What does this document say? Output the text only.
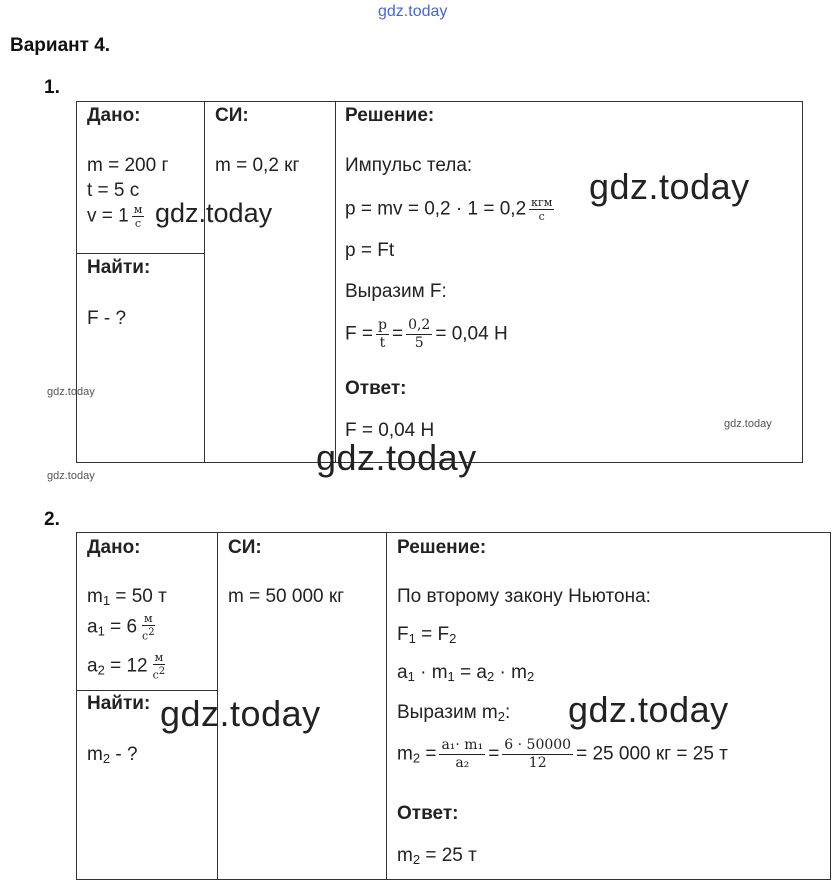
gdz.today
Вариант 4.
1.
Дано:
m = 200 г
t = 5 с
$v = 1 \frac{м}{с}$
Найти:
F - ?
СИ:
m = 0,2 кг
Решение:
Импульс тела:
p = mv = $0,2 \cdot 1 = 0,2 \frac{\text{кгм}}{с}$
p = Ft
Выразим F:
$F = \frac{p}{t} = \frac{0,2}{5} = 0,04$ Н
Ответ:
F = 0,04 Н
2.
Дано:
$m_1 = 50$ т
$a_1 = 6 \frac{м}{с^2}$
$a_2 = 12 \frac{м}{с^2}$
Найти:
$m_2$ - ?
СИ:
m = 50 000 кг
Решение:
По второму закону Ньютона:
$F_1 = F_2$
$a_1 \cdot m_1 = a_2 \cdot m_2$
Выразим $m_2$:
$m_2 = \frac{\text{a₁· m₁}}{\text{a₂}} = \frac{6 \cdot 50000}{12} = 25$ 000 кг = 25 т
Ответ:
$m_2 = 25$ т
gdz.today
gdz.today
gdz.today
gdz.today
gdz.today
gdz.today
gdz.today	gdz.today
